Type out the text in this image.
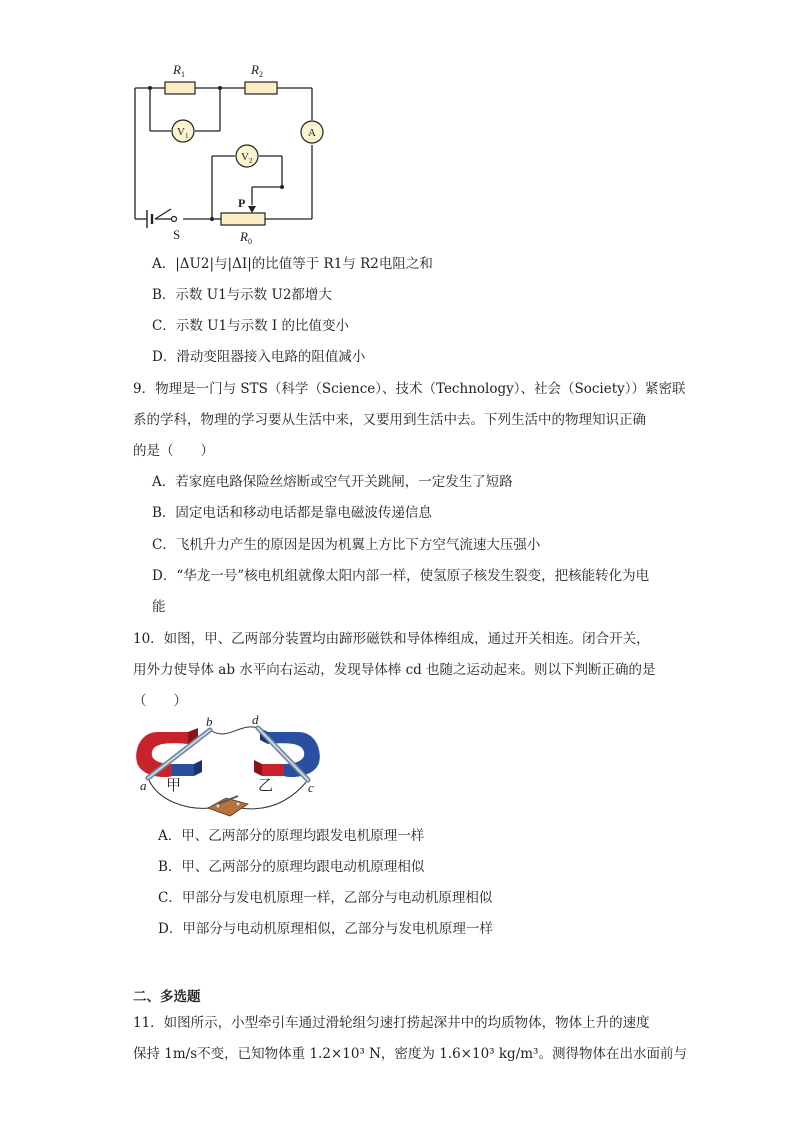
$R_1$	$R_2$
$V_1$
$V_2$
A
P
S	$R_0$
A．|ΔU2|与|ΔI|的比值等于 R1与 R2电阻之和
B．示数 U1与示数 U2都增大
C．示数 U1与示数 I 的比值变小
D．滑动变阻器接入电路的阻值减小
9．物理是一门与 STS（科学（Science）、技术（Technology）、社会（Society））紧密联
系的学科，物理的学习要从生活中来，又要用到生活中去。下列生活中的物理知识正确
的是（　　）
A．若家庭电路保险丝熔断或空气开关跳闸，一定发生了短路
B．固定电话和移动电话都是靠电磁波传递信息
C．飞机升力产生的原因是因为机翼上方比下方空气流速大压强小
D．“华龙一号”核电机组就像太阳内部一样，使氢原子核发生裂变，把核能转化为电
能
10．如图，甲、乙两部分装置均由蹄形磁铁和导体棒组成，通过开关相连。闭合开关，
用外力使导体 ab 水平向右运动，发现导体棒 cd 也随之运动起来。则以下判断正确的是
（　　）
a
b
c
d
甲	乙
A．甲、乙两部分的原理均跟发电机原理一样
B．甲、乙两部分的原理均跟电动机原理相似
C．甲部分与发电机原理一样，乙部分与电动机原理相似
D．甲部分与电动机原理相似，乙部分与发电机原理一样
二、多选题
11．如图所示，小型牵引车通过滑轮组匀速打捞起深井中的均质物体，物体上升的速度
保持 1m/s不变，已知物体重 1.2×10³ N，密度为 1.6×10³ kg/m³。测得物体在出水面前与
